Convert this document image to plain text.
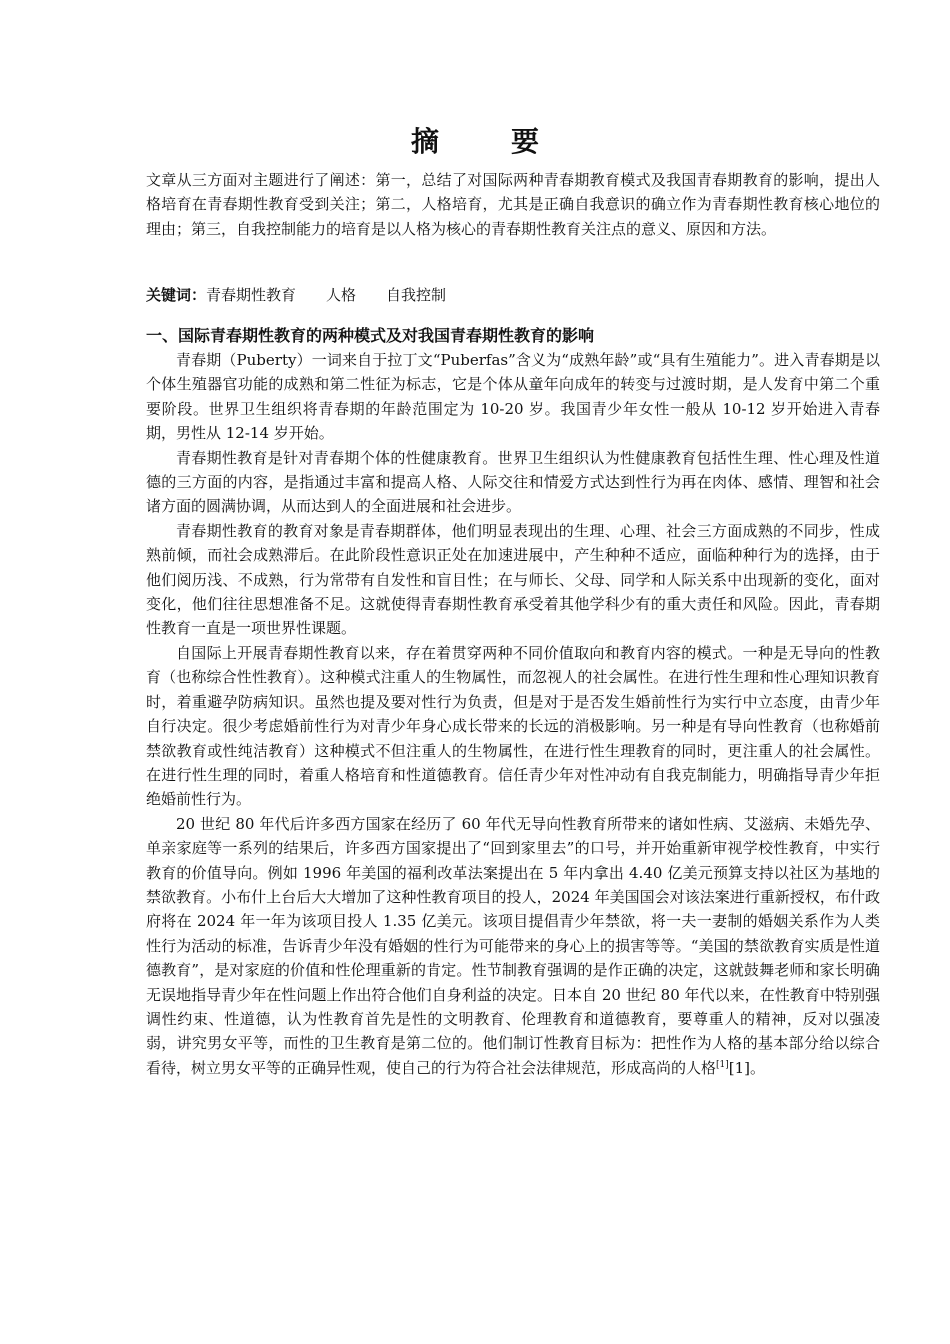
摘要
文章从三方面对主题进行了阐述：第一，总结了对国际两种青春期教育模式及我国青春期教育的影响，提出人格培育在青春期性教育受到关注；第二，人格培育，尤其是正确自我意识的确立作为青春期性教育核心地位的理由；第三，自我控制能力的培育是以人格为核心的青春期性教育关注点的意义、原因和方法。
关键词：青春期性教育 人格 自我控制
一、国际青春期性教育的两种模式及对我国青春期性教育的影响

青春期（Puberty）一词来自于拉丁文“Puberfas”含义为“成熟年龄”或“具有生殖能力”。进入青春期是以个体生殖器官功能的成熟和第二性征为标志，它是个体从童年向成年的转变与过渡时期，是人发育中第二个重要阶段。世界卫生组织将青春期的年龄范围定为 10-20 岁。我国青少年女性一般从 10-12 岁开始进入青春期，男性从 12-14 岁开始。

青春期性教育是针对青春期个体的性健康教育。世界卫生组织认为性健康教育包括性生理、性心理及性道德的三方面的内容，是指通过丰富和提高人格、人际交往和情爱方式达到性行为再在肉体、感情、理智和社会诸方面的圆满协调，从而达到人的全面进展和社会进步。

青春期性教育的教育对象是青春期群体，他们明显表现出的生理、心理、社会三方面成熟的不同步，性成熟前倾，而社会成熟滞后。在此阶段性意识正处在加速进展中，产生种种不适应，面临种种行为的选择，由于他们阅历浅、不成熟，行为常带有自发性和盲目性；在与师长、父母、同学和人际关系中出现新的变化，面对变化，他们往往思想准备不足。这就使得青春期性教育承受着其他学科少有的重大责任和风险。因此，青春期性教育一直是一项世界性课题。

自国际上开展青春期性教育以来，存在着贯穿两种不同价值取向和教育内容的模式。一种是无导向的性教育（也称综合性性教育）。这种模式注重人的生物属性，而忽视人的社会属性。在进行性生理和性心理知识教育时，着重避孕防病知识。虽然也提及要对性行为负责，但是对于是否发生婚前性行为实行中立态度，由青少年自行决定。很少考虑婚前性行为对青少年身心成长带来的长远的消极影响。另一种是有导向性教育（也称婚前禁欲教育或性纯洁教育）这种模式不但注重人的生物属性，在进行性生理教育的同时，更注重人的社会属性。在进行性生理的同时，着重人格培育和性道德教育。信任青少年对性冲动有自我克制能力，明确指导青少年拒绝婚前性行为。

20 世纪 80 年代后许多西方国家在经历了 60 年代无导向性教育所带来的诸如性病、艾滋病、未婚先孕、单亲家庭等一系列的结果后，许多西方国家提出了“回到家里去”的口号，并开始重新审视学校性教育，中实行教育的价值导向。例如 1996 年美国的福利改革法案提出在 5 年内拿出 4.40 亿美元预算支持以社区为基地的禁欲教育。小布什上台后大大增加了这种性教育项目的投人，2024 年美国国会对该法案进行重新授权，布什政府将在 2024 年一年为该项目投人 1.35 亿美元。该项目提倡青少年禁欲，将一夫一妻制的婚姻关系作为人类性行为活动的标准，告诉青少年没有婚姻的性行为可能带来的身心上的损害等等。“美国的禁欲教育实质是性道德教育”，是对家庭的价值和性伦理重新的肯定。性节制教育强调的是作正确的决定，这就鼓舞老师和家长明确无误地指导青少年在性问题上作出符合他们自身利益的决定。日本自 20 世纪 80 年代以来，在性教育中特别强调性约束、性道德，认为性教育首先是性的文明教育、伦理教育和道德教育，要尊重人的精神，反对以强凌弱，讲究男女平等，而性的卫生教育是第二位的。他们制订性教育目标为：把性作为人格的基本部分给以综合看待，树立男女平等的正确异性观，使自己的行为符合社会法律规范，形成高尚的人格[1][1]。
